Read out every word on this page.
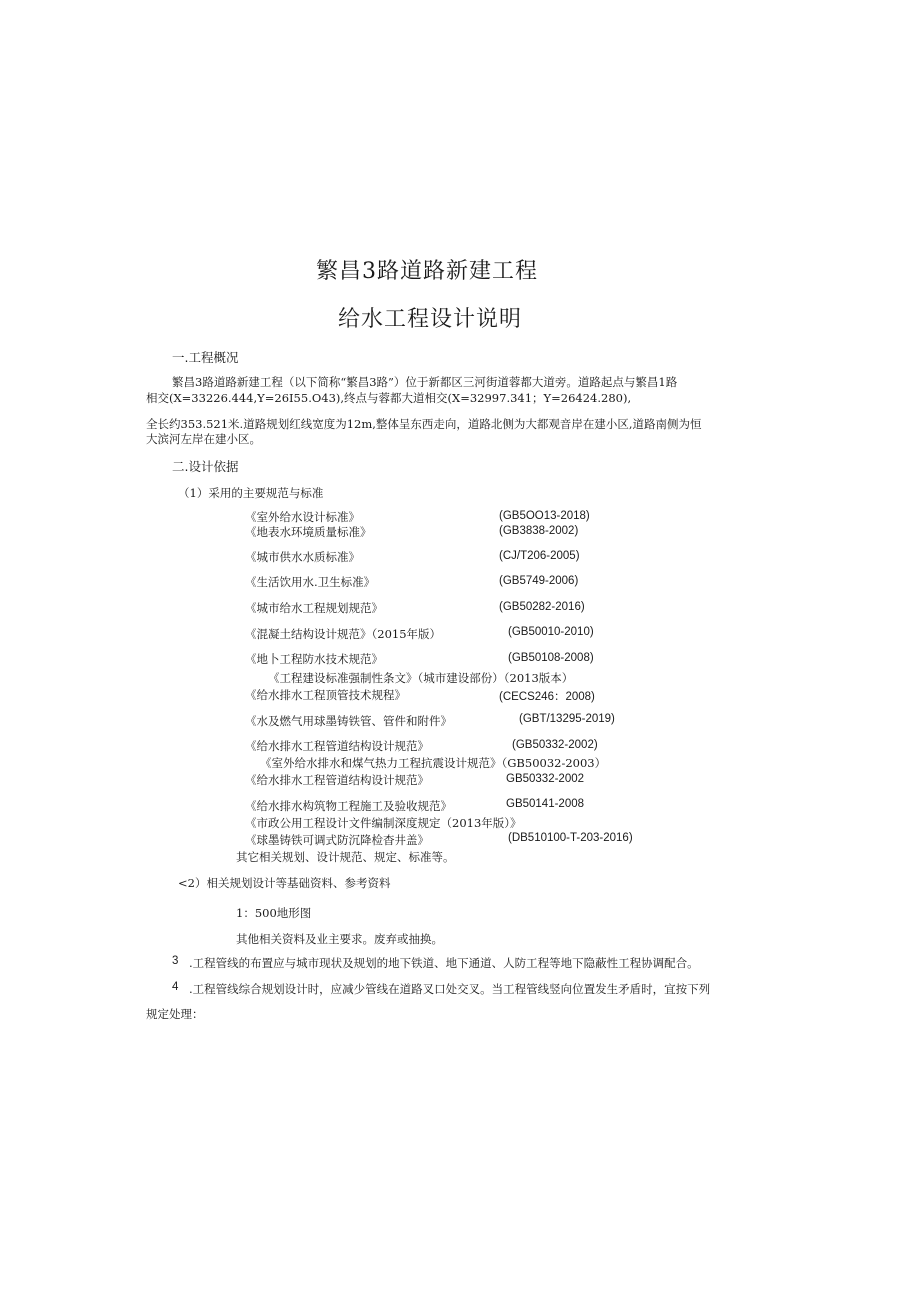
繁昌3路道路新建工程
给水工程设计说明
一.工程概况
繁昌3路道路新建工程（以下简称“繁昌3路”）位于新都区三河街道蓉都大道旁。道路起点与繁昌1路
相交(X=33226.444,Y=26I55.O43),终点与蓉都大道相交(X=32997.341；Y=26424.280),
全长约353.521米.道路规划红线宽度为12m,整体呈东西走向，道路北侧为大都观音岸在建小区,道路南侧为恒
大滨河左岸在建小区。
二.设计依据
（1）采用的主要规范与标准
《室外给水设计标准》	(GB5OO13-2018)
《地表水环境质量标准》	(GB3838-2002)
《城市供水水质标准》	(CJ/T206-2005)
《生活饮用水.卫生标准》	(GB5749-2006)
《城市给水工程规划规范》	(GB50282-2016)
《混凝土结构设计规范》（2015年版）	(GB50010-2010)
《地卜工程防水技术规范》	(GB50108-2008)
《工程建设标准强制性条文》（城市建设部份）（2013版本）
《给水排水工程顶管技术规程》	(CECS246：2008)
《水及燃气用球墨铸铁管、管件和附件》	(GBT/13295-2019)
《给水排水工程管道结构设计规范》	(GB50332-2002)
《室外给水排水和煤气热力工程抗震设计规范》（GB50032-2003）
《给水排水工程管道结构设计规范》	GB50332-2002
《给水排水构筑物工程施工及验收规范》	GB50141-2008
《市政公用工程设计文件编制深度规定（2013年版）》
《球墨铸铁可调式防沉降检杳井盖》	(DB510100-T-203-2016)
其它相关规划、设计规范、规定、标准等。
<2）相关规划设计等基础资料、参考资料
1：500地形图
其他相关资料及业主要求。废弃或抽换。
3 .工程管线的布置应与城市现状及规划的地下铁道、地下通道、人防工程等地下隐蔽性工程协调配合。
4 .工程管线综合规划设计时，应减少管线在道路叉口处交叉。当工程管线竖向位置发生矛盾时，宜按下列
规定处理：
